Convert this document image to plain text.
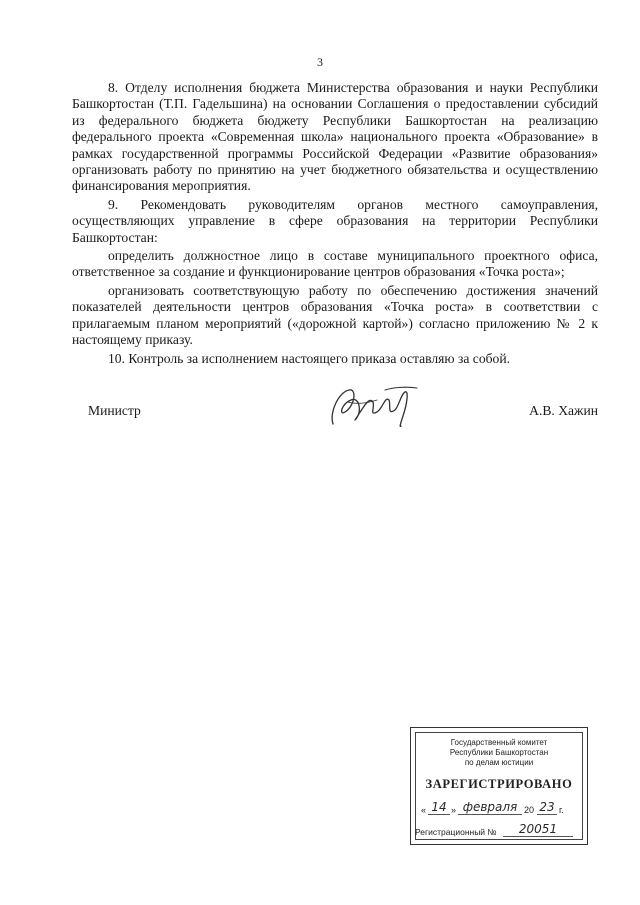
3

8. Отделу исполнения бюджета Министерства образования и науки Республики Башкортостан (Т.П. Гадельшина) на основании Соглашения о предоставлении субсидий из федерального бюджета бюджету Республики Башкортостан на реализацию федерального проекта «Современная школа» национального проекта «Образование» в рамках государственной программы Российской Федерации «Развитие образования» организовать работу по принятию на учет бюджетного обязательства и осуществлению финансирования мероприятия.

9. Рекомендовать руководителям органов местного самоуправления, осуществляющих управление в сфере образования на территории Республики Башкортостан:

определить должностное лицо в составе муниципального проектного офиса, ответственное за создание и функционирование центров образования «Точка роста»;

организовать соответствующую работу по обеспечению достижения значений показателей деятельности центров образования «Точка роста» в соответствии с прилагаемым планом мероприятий («дорожной картой») согласно приложению № 2 к настоящему приказу.

10. Контроль за исполнением настоящего приказа оставляю за собой.

Министр	А.В. Хажин
Государственный комитет
Республики Башкортостан
по делам юстиции
ЗАРЕГИСТРИРОВАНО
« 14 » февраля 20 23 г.
Регистрационный №	20051
